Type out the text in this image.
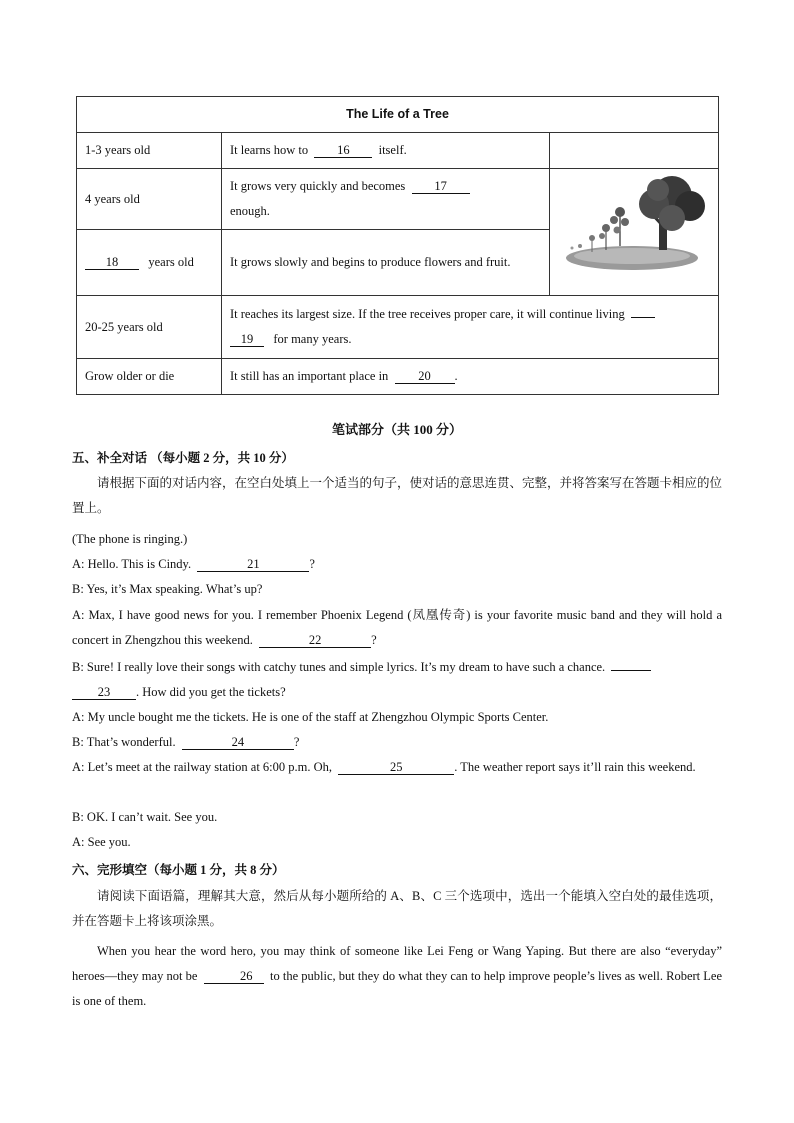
The Life of a Tree		
1-3 years old	It learns how to 16 itself.	
4 years old	It grows very quickly and becomes 17
enough.	
18 years old	It grows slowly and begins to produce flowers and fruit.	
20-25 years old	It reaches its largest size. If the tree receives proper care, it will continue living
19 for many years.	
Grow older or die	It still has an important place in 20 .	
笔试部分（共 100 分）
五、补全对话 （每小题 2 分，共 10 分）
请根据下面的对话内容，在空白处填上一个适当的句子，使对话的意思连贯、完整，并将答案写在答题卡相应的位置上。
(The phone is ringing.)
A: Hello. This is Cindy.	21	?
B: Yes, it’s Max speaking. What’s up?
A: Max, I have good news for you. I remember Phoenix Legend (凤凰传奇) is your favorite music band and they will hold a concert in Zhengzhou this weekend.	22	?
B: Sure! I really love their songs with catchy tunes and simple lyrics. It’s my dream to have such a chance.
23 . How did you get the tickets?
A: My uncle bought me the tickets. He is one of the staff at Zhengzhou Olympic Sports Center.
B: That’s wonderful.	24	?
A: Let’s meet at the railway station at 6:00 p.m. Oh,	25	. The weather report says it’ll rain this weekend.
B: OK. I can’t wait. See you.
A: See you.
六、完形填空（每小题 1 分，共 8 分）
请阅读下面语篇，理解其大意，然后从每小题所给的 A、B、C 三个选项中，选出一个能填入空白处的最佳选项，并在答题卡上将该项涂黑。
When you hear the word hero, you may think of someone like Lei Feng or Wang Yaping. But there are also “everyday” heroes—they may not be	26 to the public, but they do what they can to help improve people’s lives as well. Robert Lee is one of them.
